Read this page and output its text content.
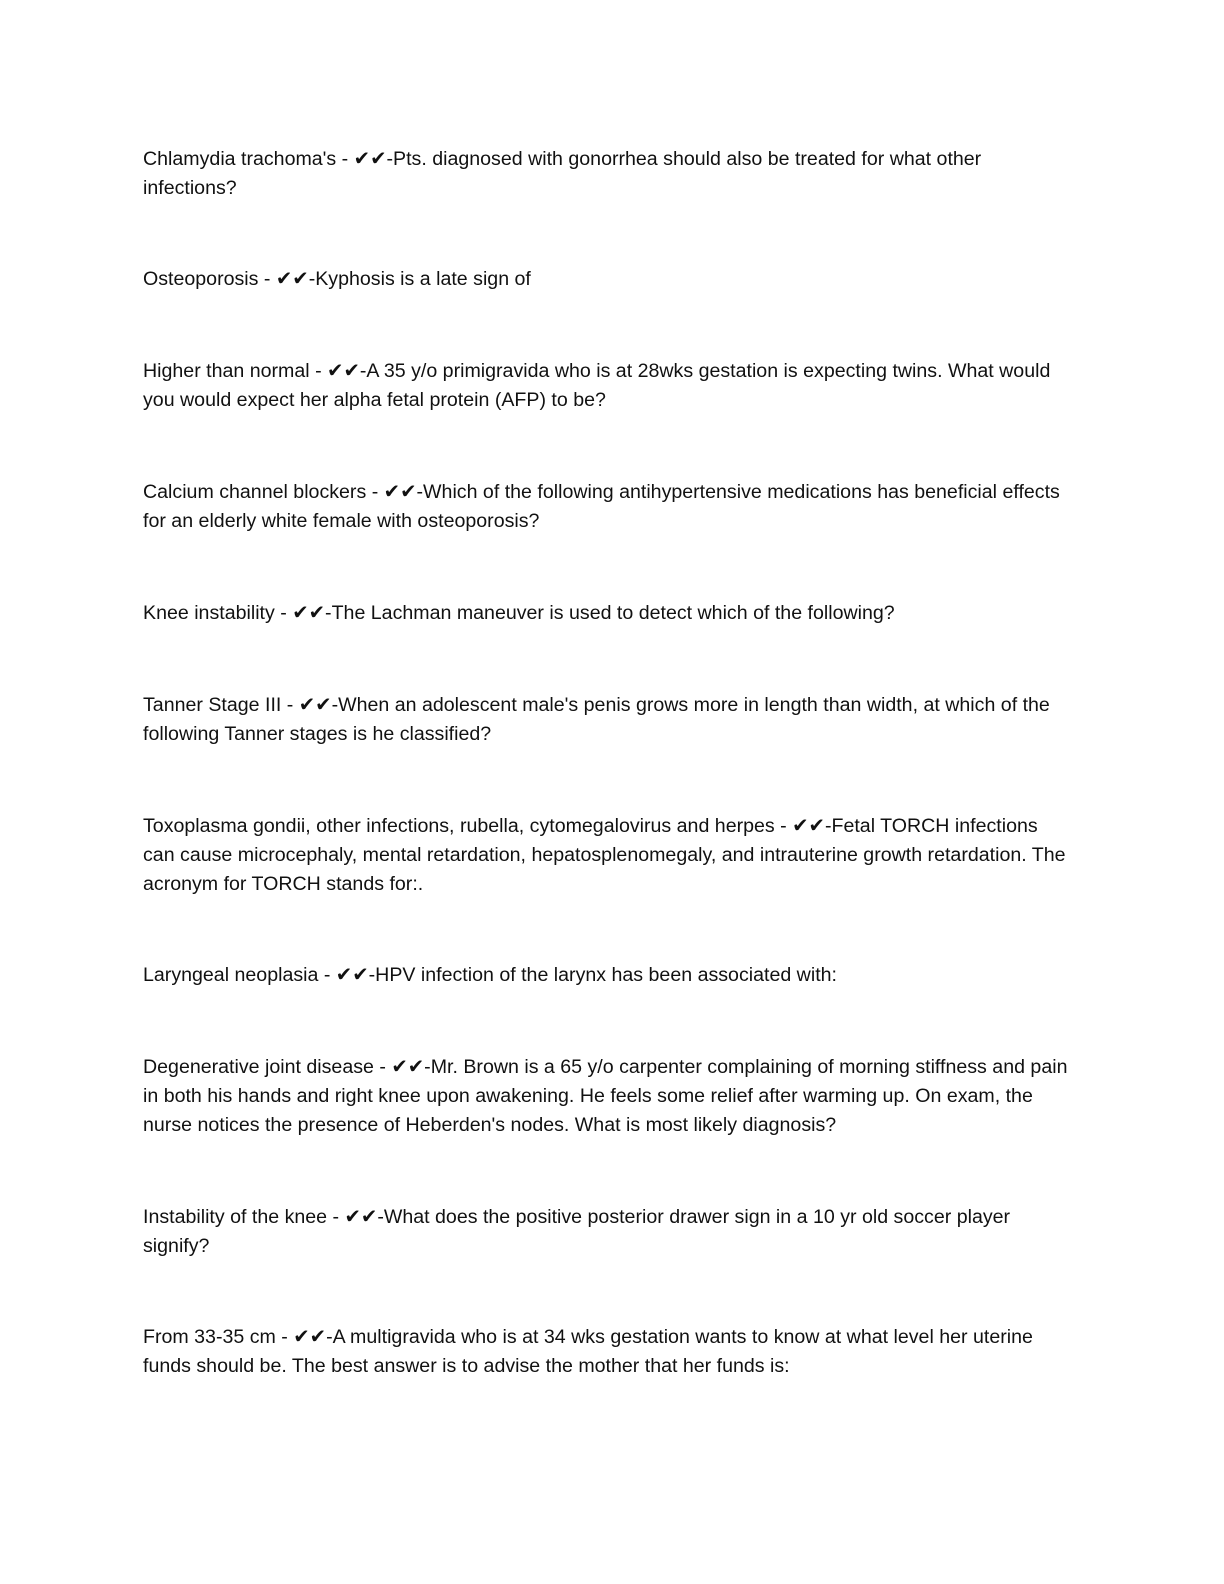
Chlamydia trachoma's - ✔✔-Pts. diagnosed with gonorrhea should also be treated for what other infections?

Osteoporosis - ✔✔-Kyphosis is a late sign of

Higher than normal - ✔✔-A 35 y/o primigravida who is at 28wks gestation is expecting twins. What would you would expect her alpha fetal protein (AFP) to be?

Calcium channel blockers - ✔✔-Which of the following antihypertensive medications has beneficial effects for an elderly white female with osteoporosis?

Knee instability - ✔✔-The Lachman maneuver is used to detect which of the following?

Tanner Stage III - ✔✔-When an adolescent male's penis grows more in length than width, at which of the following Tanner stages is he classified?

Toxoplasma gondii, other infections, rubella, cytomegalovirus and herpes - ✔✔-Fetal TORCH infections can cause microcephaly, mental retardation, hepatosplenomegaly, and intrauterine growth retardation. The acronym for TORCH stands for:.

Laryngeal neoplasia - ✔✔-HPV infection of the larynx has been associated with:

Degenerative joint disease - ✔✔-Mr. Brown is a 65 y/o carpenter complaining of morning stiffness and pain in both his hands and right knee upon awakening. He feels some relief after warming up. On exam, the nurse notices the presence of Heberden's nodes. What is most likely diagnosis?

Instability of the knee - ✔✔-What does the positive posterior drawer sign in a 10 yr old soccer player signify?

From 33-35 cm - ✔✔-A multigravida who is at 34 wks gestation wants to know at what level her uterine funds should be. The best answer is to advise the mother that her funds is:
